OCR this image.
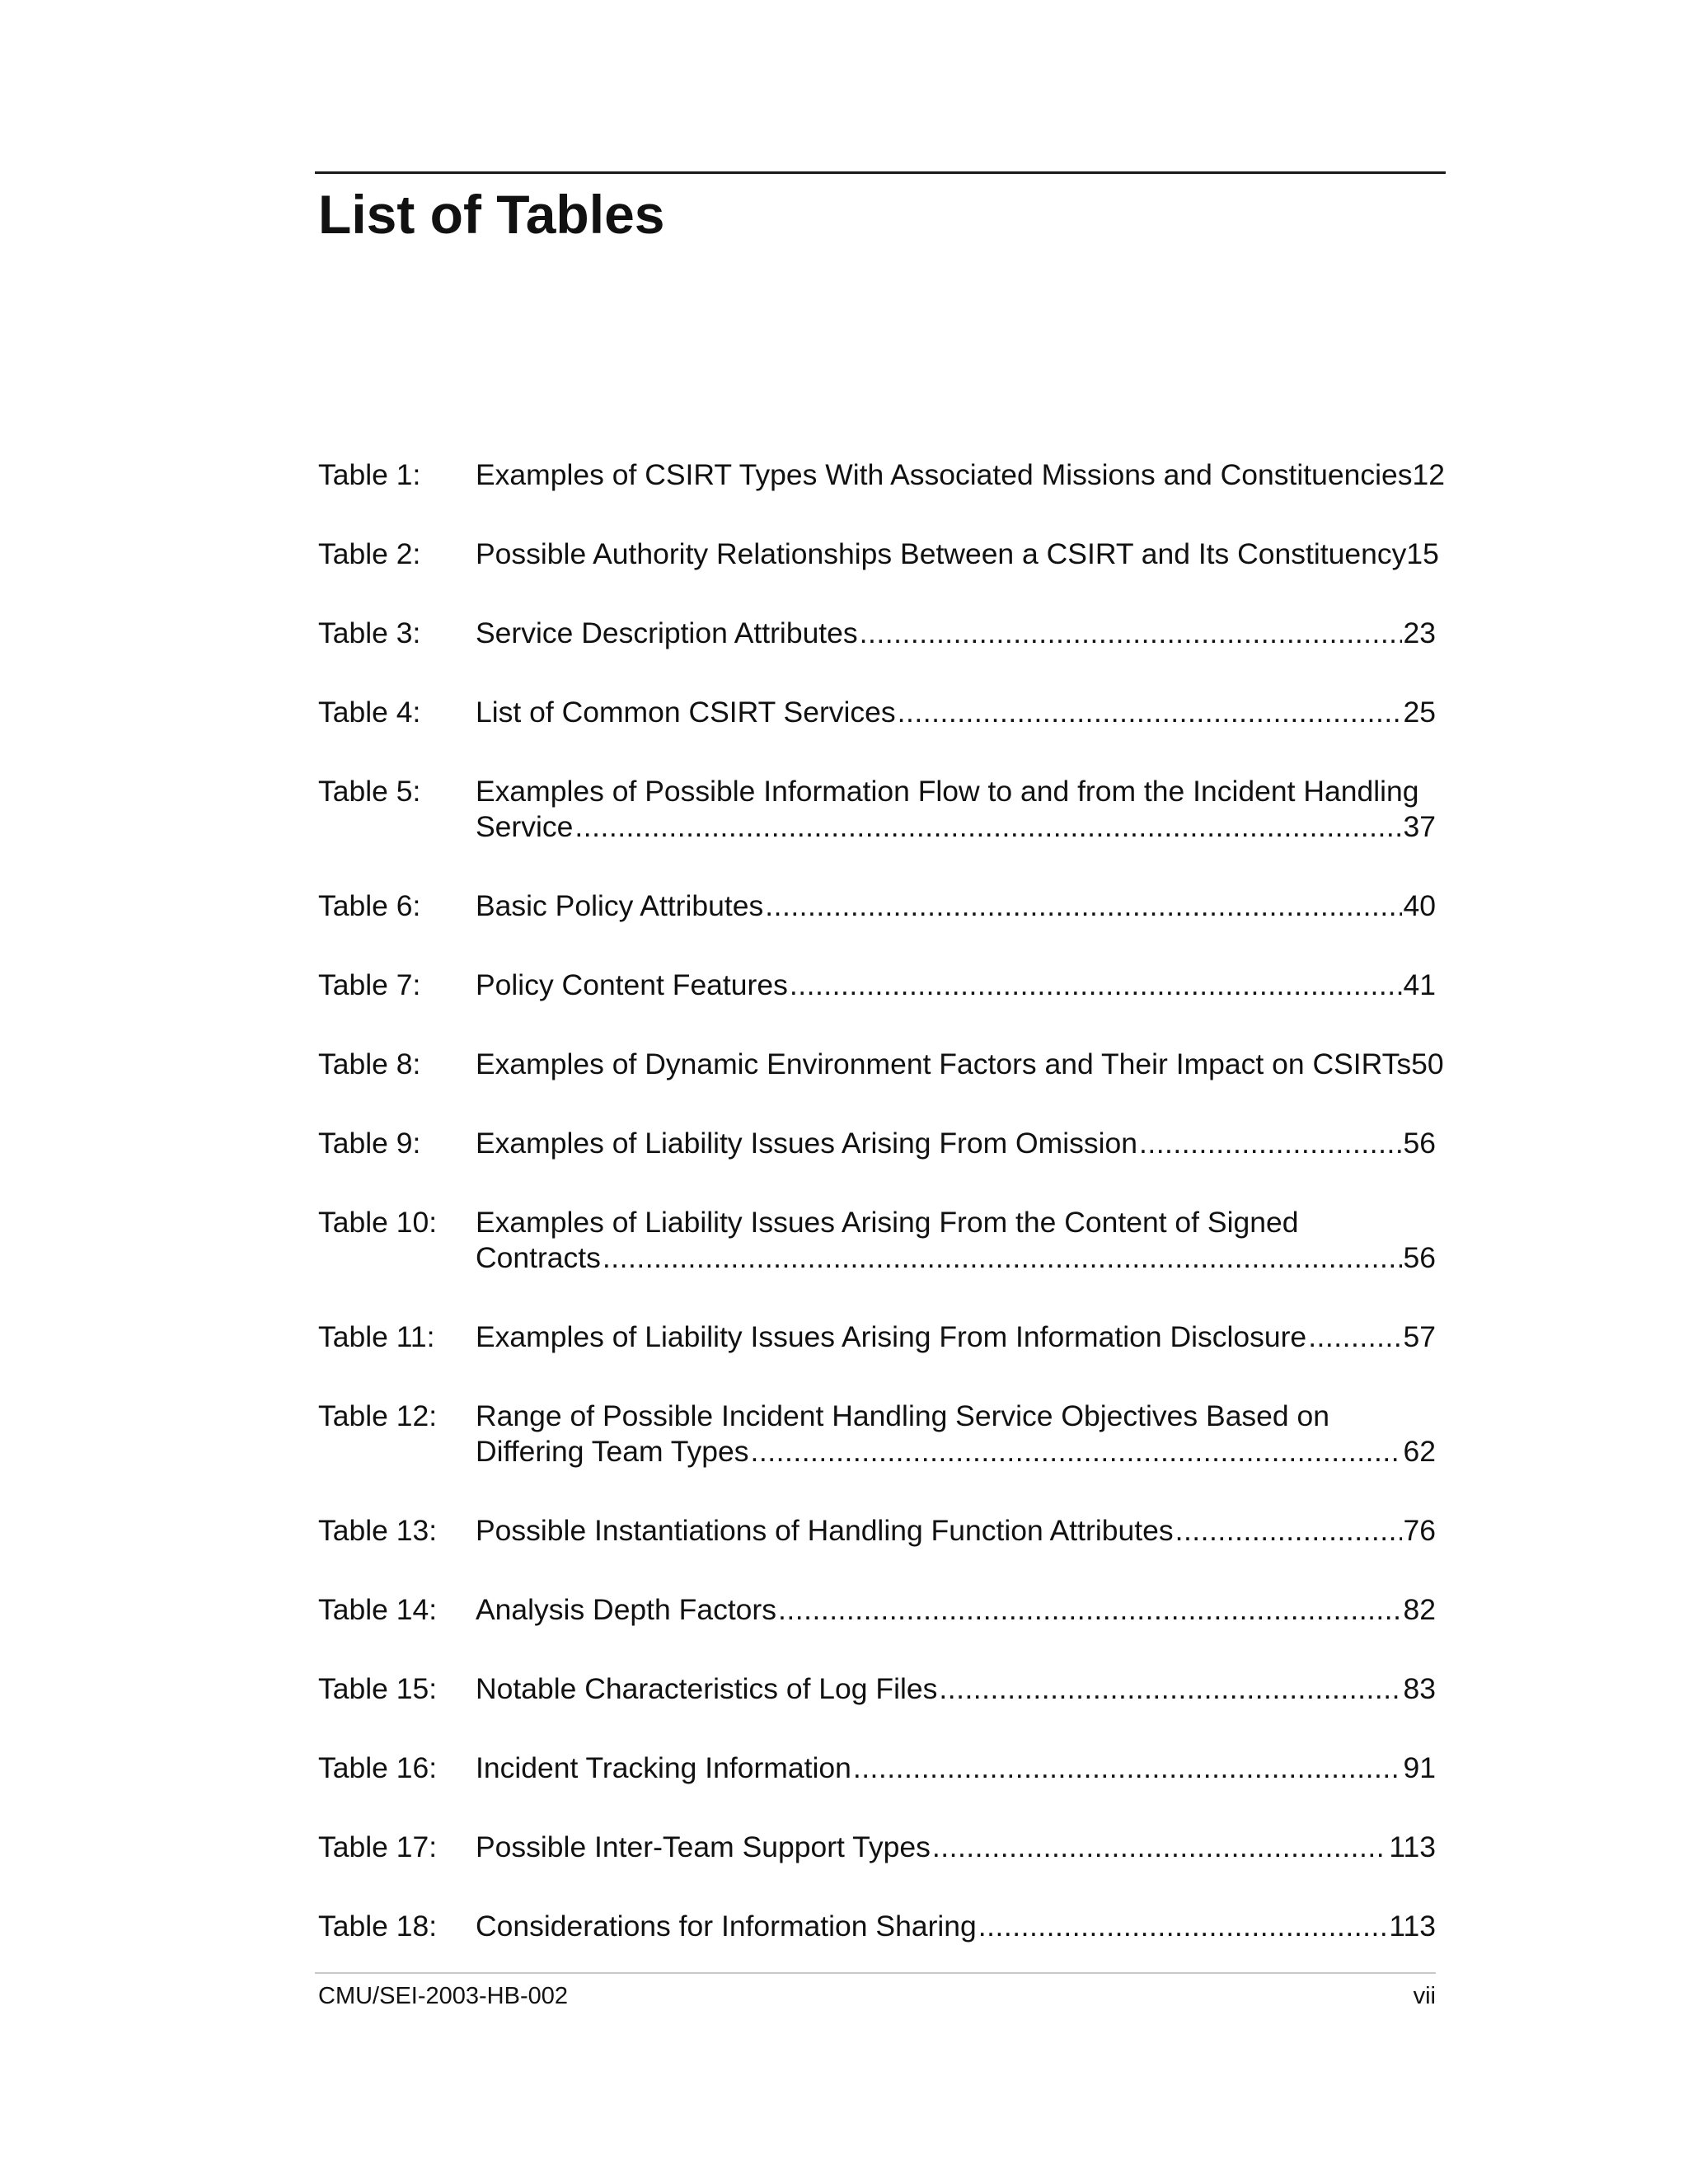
List of Tables
Table 1: Examples of CSIRT Types With Associated Missions and Constituencies 12
Table 2: Possible Authority Relationships Between a CSIRT and Its Constituency 15
Table 3: Service Description Attributes .....	23
Table 4: List of Common CSIRT Services .....	25
Table 5: Examples of Possible Information Flow to and from the Incident Handling
Service .....	37
Table 6: Basic Policy Attributes .....	40
Table 7: Policy Content Features .....	41
Table 8: Examples of Dynamic Environment Factors and Their Impact on CSIRTs 50
Table 9: Examples of Liability Issues Arising From Omission .....	56
Table 10: Examples of Liability Issues Arising From the Content of Signed
Contracts .....	56
Table 11: Examples of Liability Issues Arising From Information Disclosure .....	57
Table 12: Range of Possible Incident Handling Service Objectives Based on
Differing Team Types .....	62
Table 13: Possible Instantiations of Handling Function Attributes .....	76
Table 14: Analysis Depth Factors .....	82
Table 15: Notable Characteristics of Log Files .....	83
Table 16: Incident Tracking Information .....	91
Table 17: Possible Inter-Team Support Types .....	113
Table 18: Considerations for Information Sharing .....	113
CMU/SEI-2003-HB-002	vii
